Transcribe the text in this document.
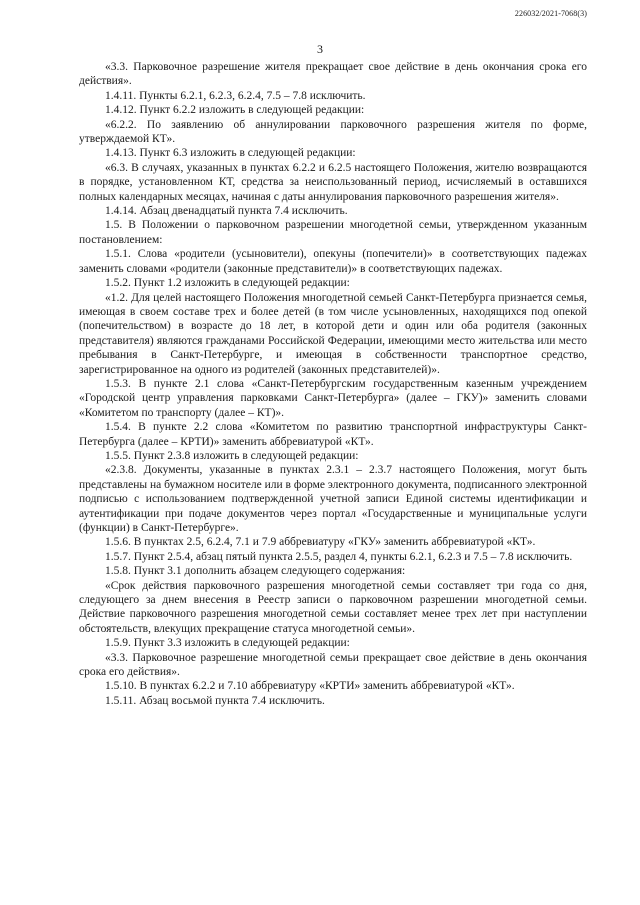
226032/2021-7068(3)
3

«3.3. Парковочное разрешение жителя прекращает свое действие в день окончания срока его действия».

1.4.11. Пункты 6.2.1, 6.2.3, 6.2.4, 7.5 – 7.8 исключить.

1.4.12. Пункт 6.2.2 изложить в следующей редакции:

«6.2.2. По заявлению об аннулировании парковочного разрешения жителя по форме, утверждаемой КТ».

1.4.13. Пункт 6.3 изложить в следующей редакции:

«6.3. В случаях, указанных в пунктах 6.2.2 и 6.2.5 настоящего Положения, жителю возвращаются в порядке, установленном КТ, средства за неиспользованный период, исчисляемый в оставшихся полных календарных месяцах, начиная с даты аннулирования парковочного разрешения жителя».

1.4.14. Абзац двенадцатый пункта 7.4 исключить.

1.5. В Положении о парковочном разрешении многодетной семьи, утвержденном указанным постановлением:

1.5.1. Слова «родители (усыновители), опекуны (попечители)» в соответствующих падежах заменить словами «родители (законные представители)» в соответствующих падежах.

1.5.2. Пункт 1.2 изложить в следующей редакции:

«1.2. Для целей настоящего Положения многодетной семьей Санкт-Петербурга признается семья, имеющая в своем составе трех и более детей (в том числе усыновленных, находящихся под опекой (попечительством) в возрасте до 18 лет, в которой дети и один или оба родителя (законных представителя) являются гражданами Российской Федерации, имеющими место жительства или место пребывания в Санкт-Петербурге, и имеющая в собственности транспортное средство, зарегистрированное на одного из родителей (законных представителей)».

1.5.3. В пункте 2.1 слова «Санкт-Петербургским государственным казенным учреждением «Городской центр управления парковками Санкт-Петербурга» (далее – ГКУ)» заменить словами «Комитетом по транспорту (далее – КТ)».

1.5.4. В пункте 2.2 слова «Комитетом по развитию транспортной инфраструктуры Санкт-Петербурга (далее – КРТИ)» заменить аббревиатурой «КТ».

1.5.5. Пункт 2.3.8 изложить в следующей редакции:

«2.3.8. Документы, указанные в пунктах 2.3.1 – 2.3.7 настоящего Положения, могут быть представлены на бумажном носителе или в форме электронного документа, подписанного электронной подписью с использованием подтвержденной учетной записи Единой системы идентификации и аутентификации при подаче документов через портал «Государственные и муниципальные услуги (функции) в Санкт-Петербурге».

1.5.6. В пунктах 2.5, 6.2.4, 7.1 и 7.9 аббревиатуру «ГКУ» заменить аббревиатурой «КТ».

1.5.7. Пункт 2.5.4, абзац пятый пункта 2.5.5, раздел 4, пункты 6.2.1, 6.2.3 и 7.5 – 7.8 исключить.

1.5.8. Пункт 3.1 дополнить абзацем следующего содержания:

«Срок действия парковочного разрешения многодетной семьи составляет три года со дня, следующего за днем внесения в Реестр записи о парковочном разрешении многодетной семьи. Действие парковочного разрешения многодетной семьи составляет менее трех лет при наступлении обстоятельств, влекущих прекращение статуса многодетной семьи».

1.5.9. Пункт 3.3 изложить в следующей редакции:

«3.3. Парковочное разрешение многодетной семьи прекращает свое действие в день окончания срока его действия».

1.5.10. В пунктах 6.2.2 и 7.10 аббревиатуру «КРТИ» заменить аббревиатурой «КТ».

1.5.11. Абзац восьмой пункта 7.4 исключить.
